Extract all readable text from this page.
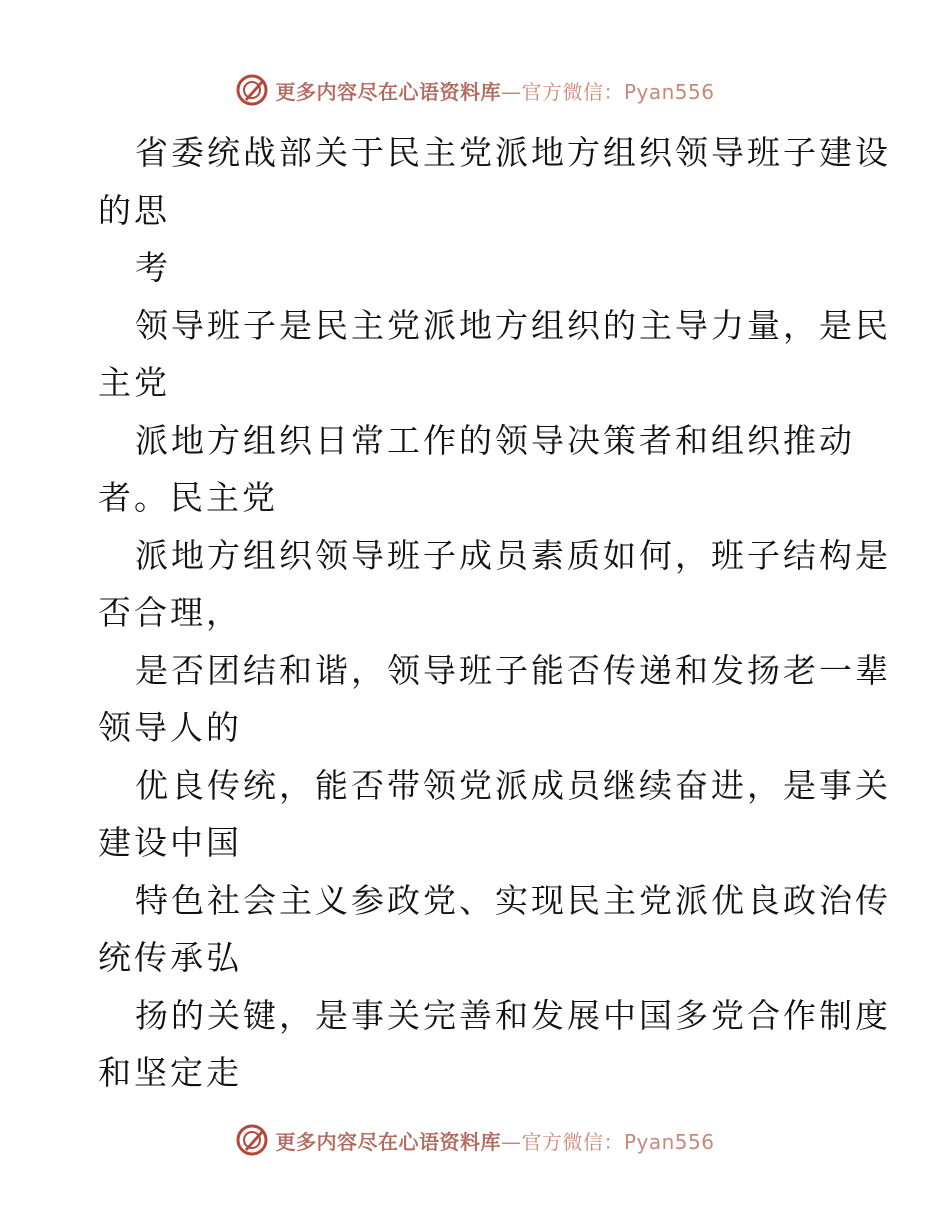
更多内容尽在心语资料库—官方微信：Pyan556
省委统战部关于民主党派地方组织领导班子建设
的思
考
领导班子是民主党派地方组织的主导力量，是民
主党
派地方组织日常工作的领导决策者和组织推动
者。民主党
派地方组织领导班子成员素质如何，班子结构是
否合理，
是否团结和谐，领导班子能否传递和发扬老一辈
领导人的
优良传统，能否带领党派成员继续奋进，是事关
建设中国
特色社会主义参政党、实现民主党派优良政治传
统传承弘
扬的关键，是事关完善和发展中国多党合作制度
和坚定走
更多内容尽在心语资料库—官方微信：Pyan556
